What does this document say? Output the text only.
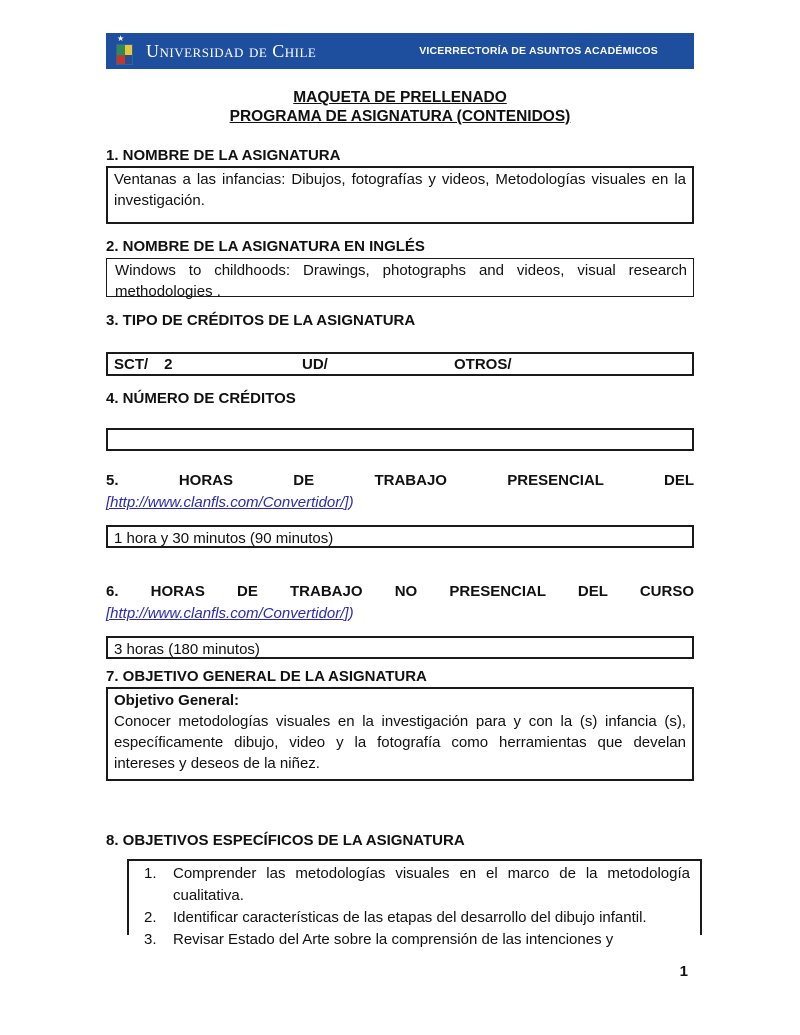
★
Universidad de Chile	VICERRECTORÍA DE ASUNTOS ACADÉMICOS
MAQUETA DE PRELLENADO
PROGRAMA DE ASIGNATURA (CONTENIDOS)
1. NOMBRE DE LA ASIGNATURA
Ventanas a las infancias: Dibujos, fotografías y videos, Metodologías visuales en la investigación.
2. NOMBRE DE LA ASIGNATURA EN INGLÉS
Windows to childhoods: Drawings, photographs and videos, visual research methodologies .
3. TIPO DE CRÉDITOS DE LA ASIGNATURA
SCT/ 2	UD/	OTROS/
4. NÚMERO DE CRÉDITOS
5. HORAS DE TRABAJO PRESENCIAL DEL
[http://www.clanfls.com/Convertidor/])
1 hora y 30 minutos (90 minutos)
6. HORAS DE TRABAJO NO PRESENCIAL DEL CURSO
[http://www.clanfls.com/Convertidor/])
3 horas (180 minutos)
7. OBJETIVO GENERAL DE LA ASIGNATURA
Objetivo General:
Conocer metodologías visuales en la investigación para y con la (s) infancia (s), específicamente dibujo, video y la fotografía como herramientas que develan intereses y deseos de la niñez.
8. OBJETIVOS ESPECÍFICOS DE LA ASIGNATURA
Comprender las metodologías visuales en el marco de la metodología cualitativa.
Identificar características de las etapas del desarrollo del dibujo infantil.
Revisar Estado del Arte sobre la comprensión de las intenciones y
1
